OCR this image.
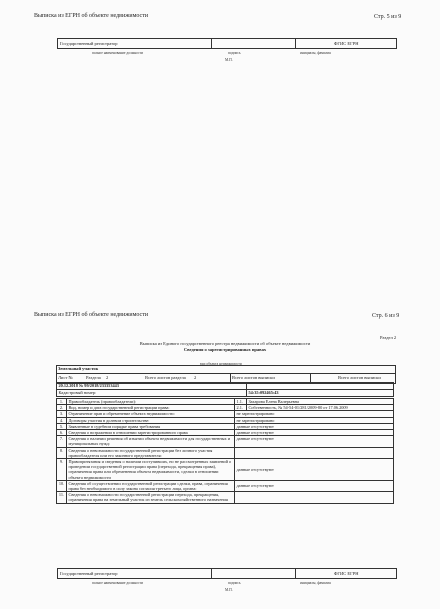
Выписка из ЕГРН об объекте недвижимости	Стр. 5 из 9
Государственный регистратор		ФГИС ЕГРН
полное наименование должности	подпись	инициалы, фамилия
М.П.
Выписка из ЕГРН об объекте недвижимости	Стр. 6 из 9
Раздел 2
Выписка из Единого государственного реестра недвижимости об объекте недвижимости
Сведения о зарегистрированных правах
вид объекта недвижимости
Земельный участок
Лист №	Раздела 2	Всего листов раздела 2	Всего листов выписки	Всего листов выписки
20.12.2018 № 99/2018/233353443			
Кадастровый номер:			54:35:092465:43

1.	Правообладатель (правообладатели):	1.1.	Захарова Елена Валерьевна
2.	Вид, номер и дата государственной регистрации права:	2.1.	Собственность, № 54-54-01/281/2009-80 от 17.06.2009
3.	Ограничение прав и обременение объекта недвижимости:	не зарегистрировано	
4.	Договоры участия в долевом строительстве:	не зарегистрировано	
5.	Заявленные в судебном порядке права требования	данные отсутствуют	
6.	Сведения о возражении в отношении зарегистрированного права	данные отсутствуют	
7.	Сведения о наличии решения об изъятии объекта недвижимости для государственных и муниципальных нужд:	данные отсутствуют	
8.	Сведения о невозможности государственной регистрации без личного участия правообладателя или его законного представителя:		
9.	Правопритязания и сведения о наличии поступивших, но не рассмотренных заявлений о проведении государственной регистрации права (перехода, прекращения права), ограничения права или обременения объекта недвижимости, сделки в отношении объекта недвижимости	данные отсутствуют	
10.	Сведения об осуществлении государственной регистрации сделки, права, ограничения права без необходимого в силу закона согласия третьего лица, органа:	данные отсутствуют	
11.	Сведения о невозможности государственной регистрации перехода, прекращения, ограничения права на земельный участок из земель сельскохозяйственного назначения		
Государственный регистратор		ФГИС ЕГРН
полное наименование должности	подпись	инициалы, фамилия
М.П.
